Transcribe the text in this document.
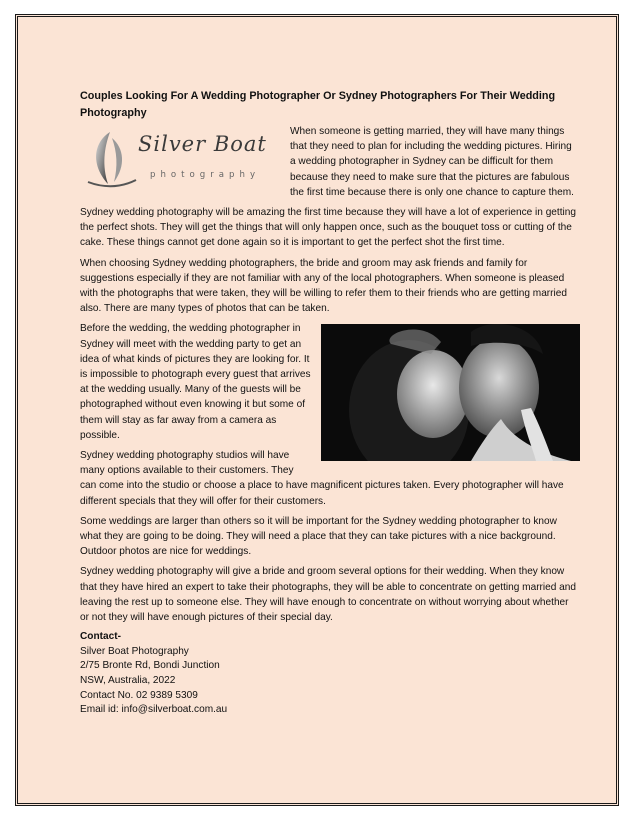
Couples Looking For A Wedding Photographer Or Sydney Photographers For Their Wedding Photography
Silver Boat
photography

When someone is getting married, they will have many things that they need to plan for including the wedding pictures. Hiring a wedding photographer in Sydney can be difficult for them because they need to make sure that the pictures are fabulous the first time because there is only one chance to capture them.

Sydney wedding photography will be amazing the first time because they will have a lot of experience in getting the perfect shots. They will get the things that will only happen once, such as the bouquet toss or cutting of the cake. These things cannot get done again so it is important to get the perfect shot the first time.

When choosing Sydney wedding photographers, the bride and groom may ask friends and family for suggestions especially if they are not familiar with any of the local photographers. When someone is pleased with the photographs that were taken, they will be willing to refer them to their friends who are getting married also. There are many types of photos that can be taken.

Before the wedding, the wedding photographer in Sydney will meet with the wedding party to get an idea of what kinds of pictures they are looking for. It is impossible to photograph every guest that arrives at the wedding usually. Many of the guests will be photographed without even knowing it but some of them will stay as far away from a camera as possible.

Sydney wedding photography studios will have many options available to their customers. They can come into the studio or choose a place to have magnificent pictures taken. Every photographer will have different specials that they will offer for their customers.

Some weddings are larger than others so it will be important for the Sydney wedding photographer to know what they are going to be doing. They will need a place that they can take pictures with a nice background. Outdoor photos are nice for weddings.

Sydney wedding photography will give a bride and groom several options for their wedding. When they know that they have hired an expert to take their photographs, they will be able to concentrate on getting married and leaving the rest up to someone else. They will have enough to concentrate on without worrying about whether or not they will have enough pictures of their special day.

Contact-
Silver Boat Photography
2/75 Bronte Rd, Bondi Junction
NSW, Australia, 2022
Contact No. 02 9389 5309
Email id: info@silverboat.com.au
